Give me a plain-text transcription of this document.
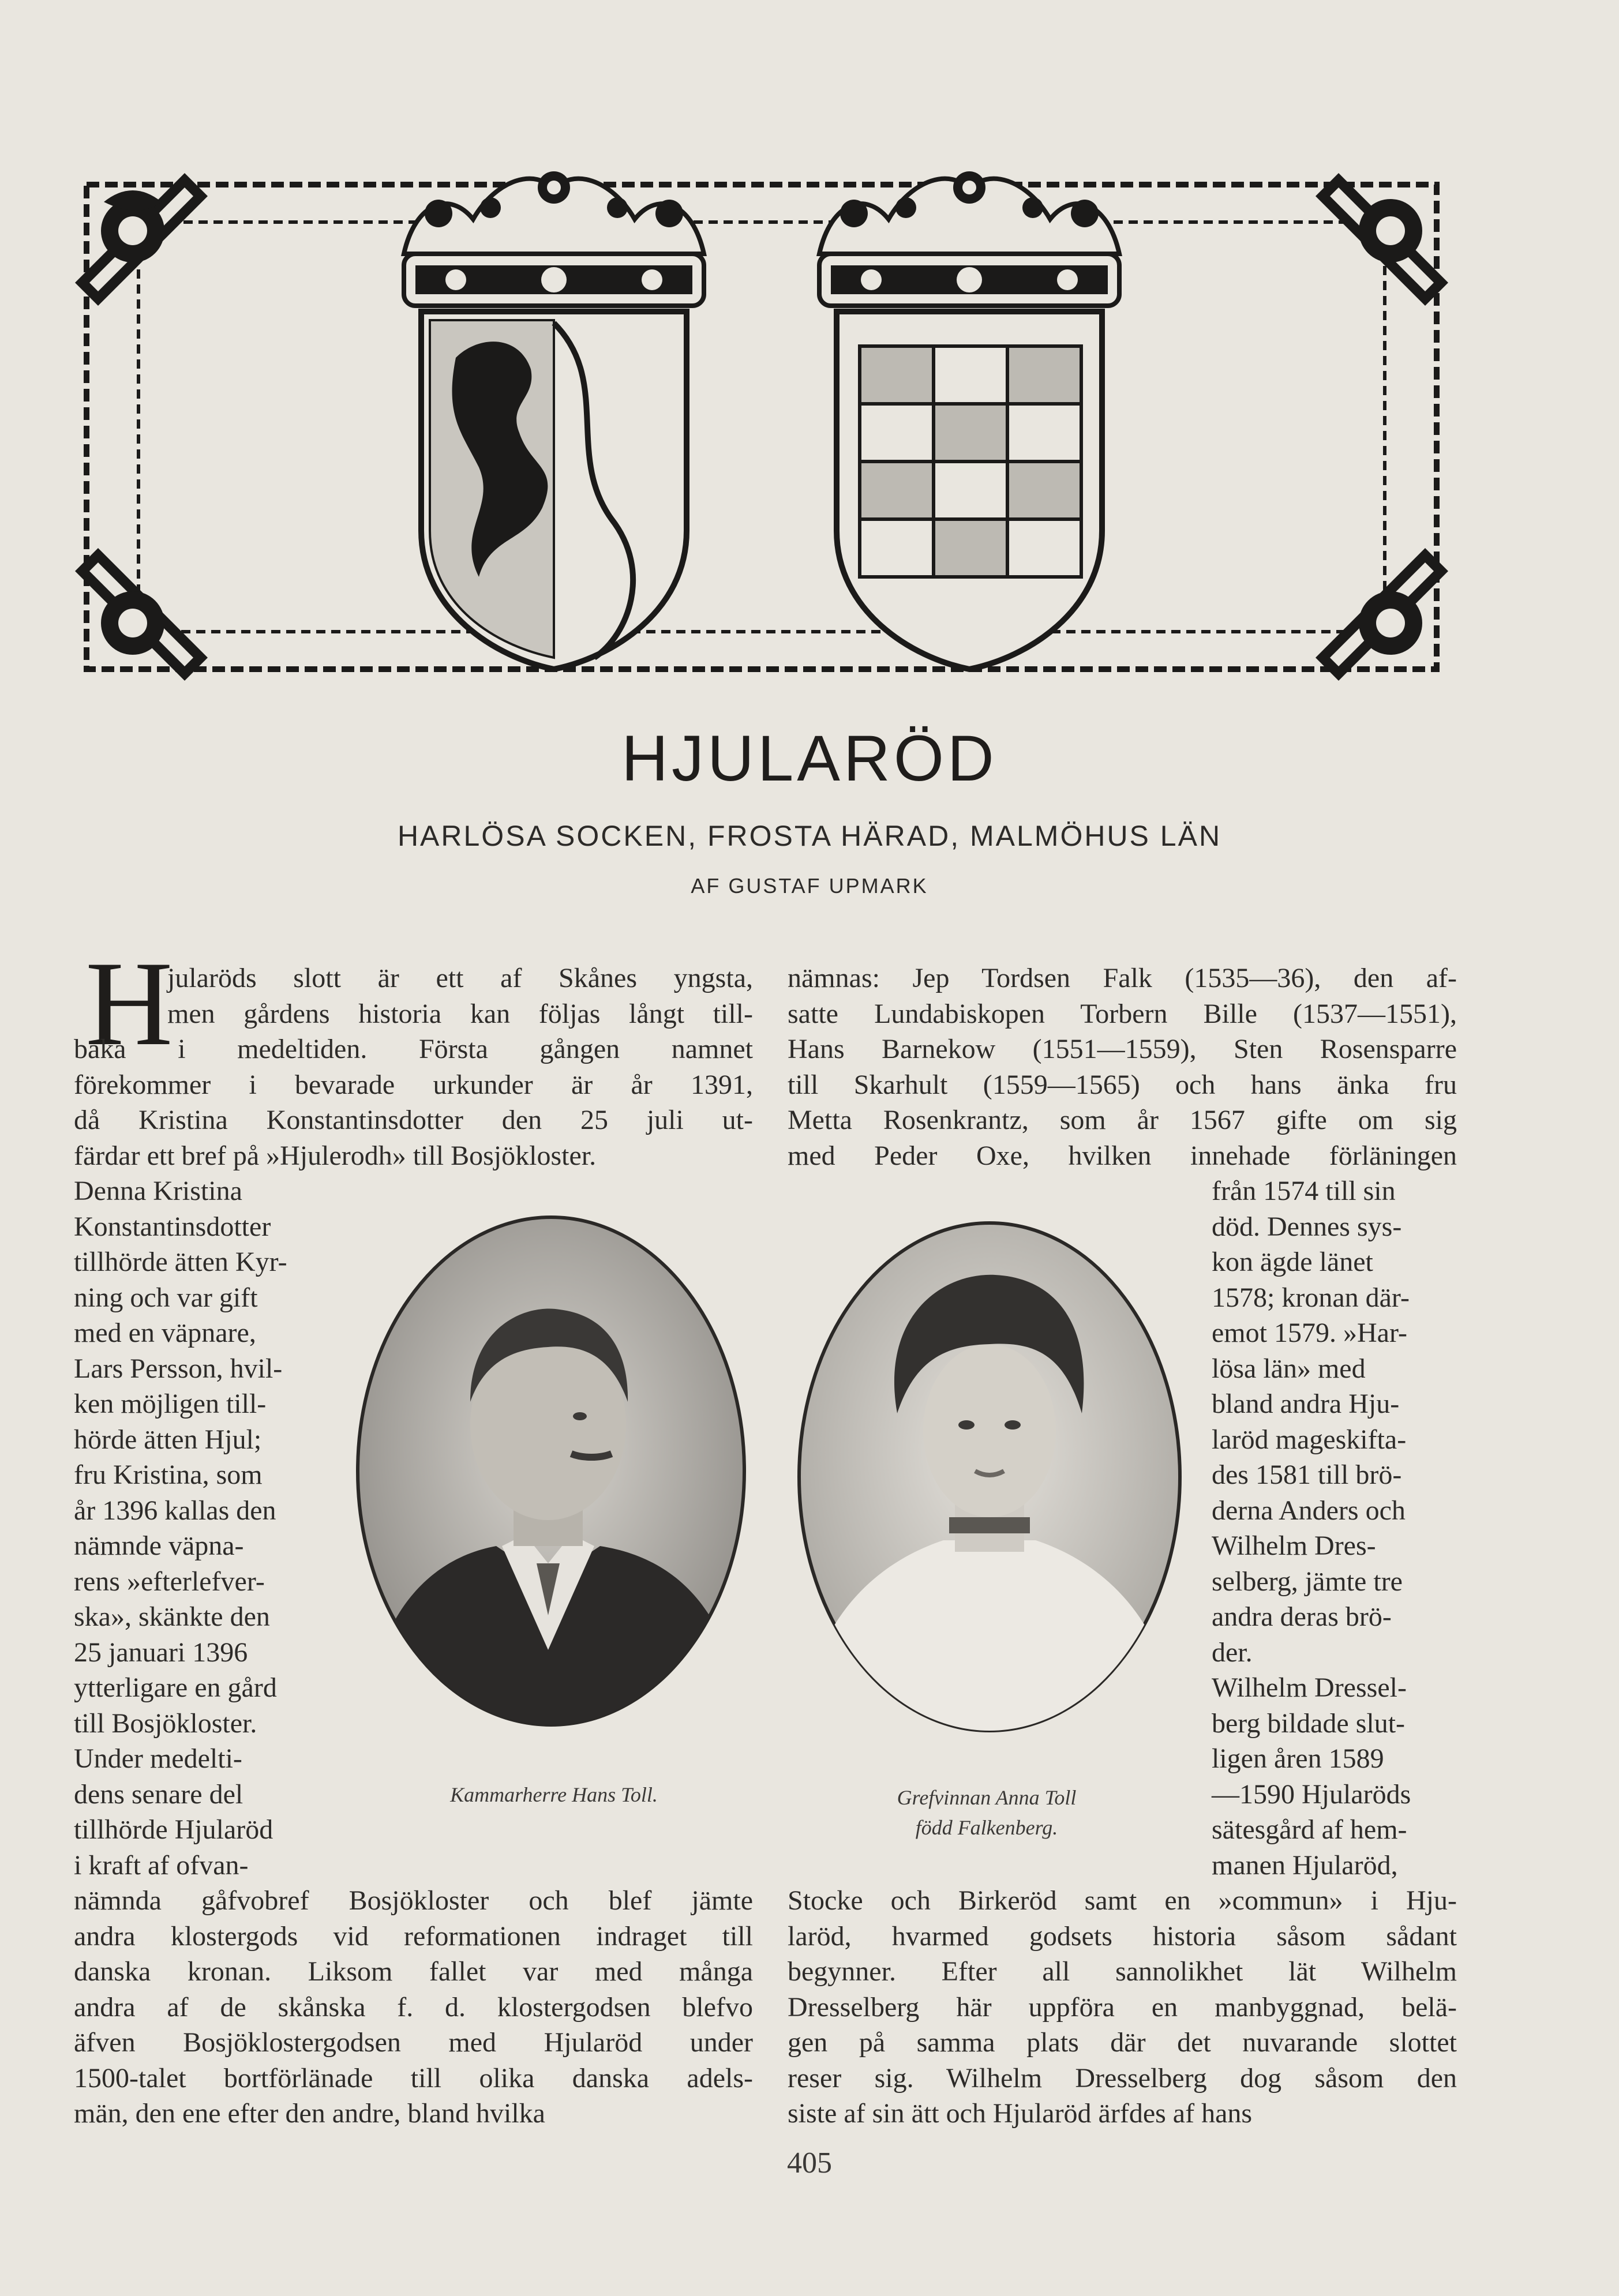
HJULARÖD
HARLÖSA SOCKEN, FROSTA HÄRAD, MALMÖHUS LÄN
AF GUSTAF UPMARK
H
jularöds slott är ett af Skånes yngsta,
men gårdens historia kan följas långt till-
baka i medeltiden. Första gången namnet
förekommer i bevarade urkunder är år 1391,
då Kristina Konstantinsdotter den 25 juli ut-
färdar ett bref på »Hjulerodh» till Bosjökloster.
Denna Kristina
Konstantinsdotter
tillhörde ätten Kyr-
ning och var gift
med en väpnare,
Lars Persson, hvil-
ken möjligen till-
hörde ätten Hjul;
fru Kristina, som
år 1396 kallas den
nämnde väpna-
rens »efterlefver-
ska», skänkte den
25 januari 1396
ytterligare en gård
till Bosjökloster.
Under medelti-
dens senare del
tillhörde Hjularöd
i kraft af ofvan-
nämnda gåfvobref Bosjökloster och blef jämte
andra klostergods vid reformationen indraget till
danska kronan. Liksom fallet var med många
andra af de skånska f. d. klostergodsen blefvo
äfven Bosjöklostergodsen med Hjularöd under
1500-talet bortförlänade till olika danska adels-
män, den ene efter den andre, bland hvilka
nämnas: Jep Tordsen Falk (1535—36), den af-
satte Lundabiskopen Torbern Bille (1537—1551),
Hans Barnekow (1551—1559), Sten Rosensparre
till Skarhult (1559—1565) och hans änka fru
Metta Rosenkrantz, som år 1567 gifte om sig
med Peder Oxe, hvilken innehade förläningen
från 1574 till sin
död. Dennes sys-
kon ägde länet
1578; kronan där-
emot 1579. »Har-
lösa län» med
bland andra Hju-
laröd mageskifta-
des 1581 till brö-
derna Anders och
Wilhelm Dres-
selberg, jämte tre
andra deras brö-
der.
Wilhelm Dressel-
berg bildade slut-
ligen åren 1589
—1590 Hjularöds
sätesgård af hem-
manen Hjularöd,
Stocke och Birkeröd samt en »commun» i Hju-
laröd, hvarmed godsets historia såsom sådant
begynner. Efter all sannolikhet lät Wilhelm
Dresselberg här uppföra en manbyggnad, belä-
gen på samma plats där det nuvarande slottet
reser sig. Wilhelm Dresselberg dog såsom den
siste af sin ätt och Hjularöd ärfdes af hans
Kammarherre Hans Toll.	Grefvinnan Anna Toll
född Falkenberg.
405
